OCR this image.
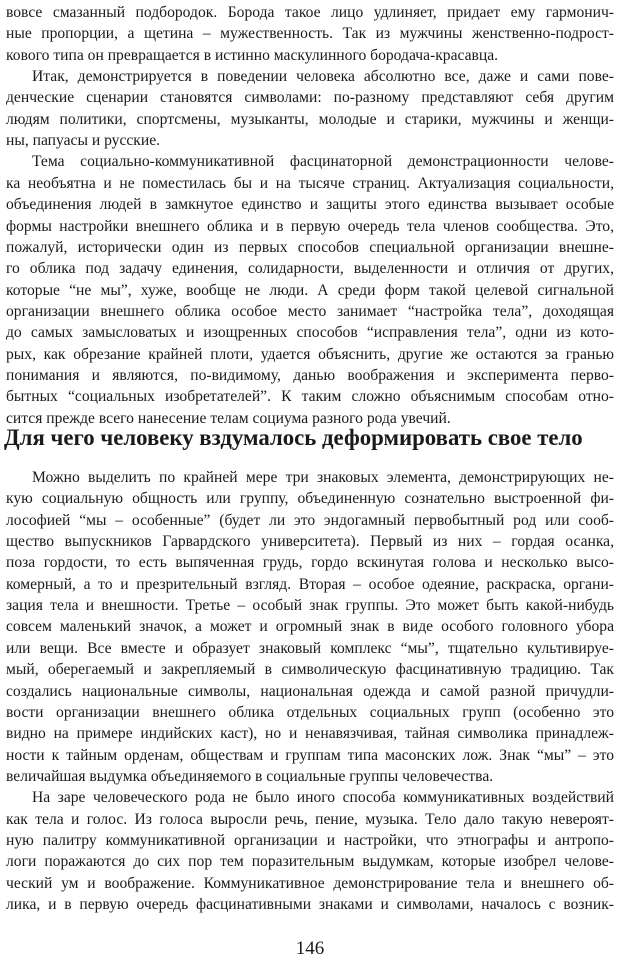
вовсе смазанный подбородок. Борода такое лицо удлиняет, придает ему гармонич-
ные пропорции, а щетина – мужественность. Так из мужчины женственно-подрост-
кового типа он превращается в истинно маскулинного бородача-красавца.
Итак, демонстрируется в поведении человека абсолютно все, даже и сами пове-
денческие сценарии становятся символами: по-разному представляют себя другим
людям политики, спортсмены, музыканты, молодые и старики, мужчины и женщи-
ны, папуасы и русские.
Тема социально-коммуникативной фасцинаторной демонстрационности челове-
ка необъятна и не поместилась бы и на тысяче страниц. Актуализация социальности,
объединения людей в замкнутое единство и защиты этого единства вызывает особые
формы настройки внешнего облика и в первую очередь тела членов сообщества. Это,
пожалуй, исторически один из первых способов специальной организации внешне-
го облика под задачу единения, солидарности, выделенности и отличия от других,
которые “не мы”, хуже, вообще не люди. А среди форм такой целевой сигнальной
организации внешнего облика особое место занимает “настройка тела”, доходящая
до самых замысловатых и изощренных способов “исправления тела”, одни из кото-
рых, как обрезание крайней плоти, удается объяснить, другие же остаются за гранью
понимания и являются, по-видимому, данью воображения и эксперимента перво-
бытных “социальных изобретателей”. К таким сложно объяснимым способам отно-
сится прежде всего нанесение телам социума разного рода увечий.
Для чего человеку вздумалось деформировать свое тело
Можно выделить по крайней мере три знаковых элемента, демонстрирующих не-
кую социальную общность или группу, объединенную сознательно выстроенной фи-
лософией “мы – особенные” (будет ли это эндогамный первобытный род или сооб-
щество выпускников Гарвардского университета). Первый из них – гордая осанка,
поза гордости, то есть выпяченная грудь, гордо вскинутая голова и несколько высо-
комерный, а то и презрительный взгляд. Вторая – особое одеяние, раскраска, органи-
зация тела и внешности. Третье – особый знак группы. Это может быть какой-нибудь
совсем маленький значок, а может и огромный знак в виде особого головного убора
или вещи. Все вместе и образует знаковый комплекс “мы”, тщательно культивируе-
мый, оберегаемый и закрепляемый в символическую фасцинативную традицию. Так
создались национальные символы, национальная одежда и самой разной причудли-
вости организации внешнего облика отдельных социальных групп (особенно это
видно на примере индийских каст), но и ненавязчивая, тайная символика принадлеж-
ности к тайным орденам, обществам и группам типа масонских лож. Знак “мы” – это
величайшая выдумка объединяемого в социальные группы человечества.
На заре человеческого рода не было иного способа коммуникативных воздействий
как тела и голос. Из голоса выросли речь, пение, музыка. Тело дало такую невероят-
ную палитру коммуникативной организации и настройки, что этнографы и антропо-
логи поражаются до сих пор тем поразительным выдумкам, которые изобрел челове-
ческий ум и воображение. Коммуникативное демонстрирование тела и внешнего об-
лика, и в первую очередь фасцинативными знаками и символами, началось с возник-
146
